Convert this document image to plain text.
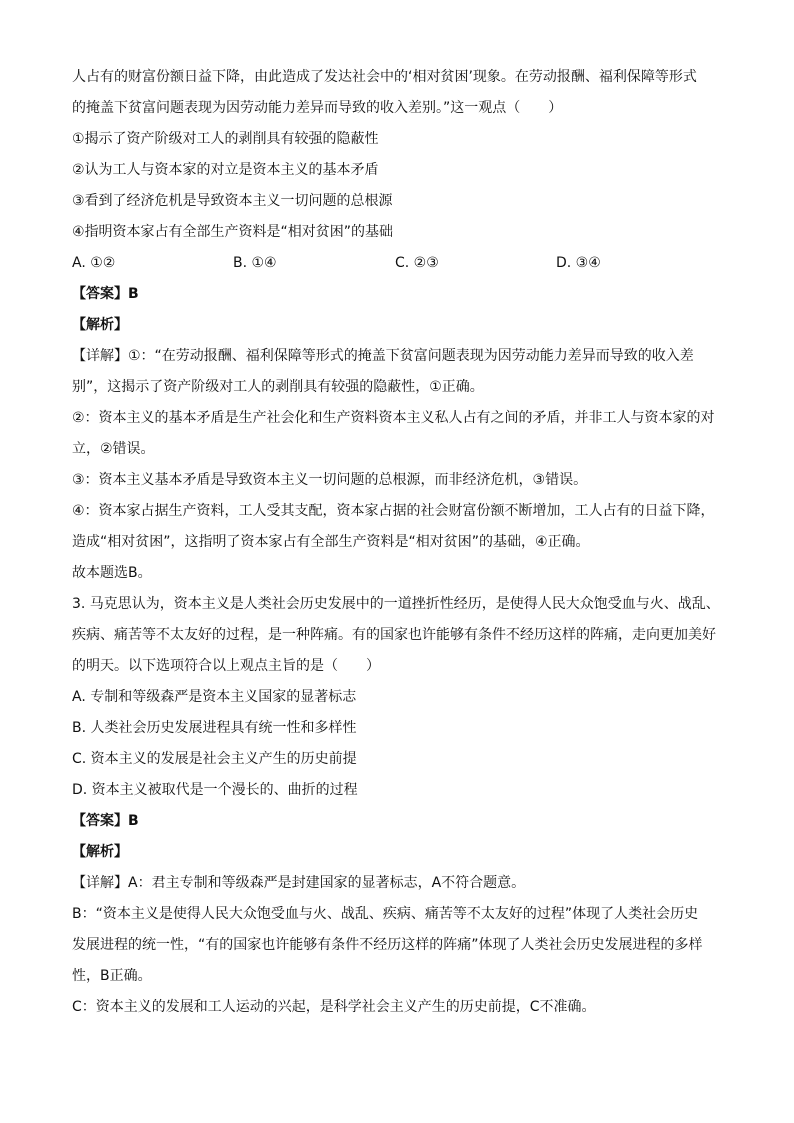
人占有的财富份额日益下降，由此造成了发达社会中的‘相对贫困’现象。在劳动报酬、福利保障等形式
的掩盖下贫富问题表现为因劳动能力差异而导致的收入差别。”这一观点（　　）
①揭示了资产阶级对工人的剥削具有较强的隐蔽性
②认为工人与资本家的对立是资本主义的基本矛盾
③看到了经济危机是导致资本主义一切问题的总根源
④指明资本家占有全部生产资料是“相对贫困”的基础
A. ①②	B. ①④	C. ②③	D. ③④
【答案】B
【解析】
【详解】①：“在劳动报酬、福利保障等形式的掩盖下贫富问题表现为因劳动能力差异而导致的收入差
别”，这揭示了资产阶级对工人的剥削具有较强的隐蔽性，①正确。
②：资本主义的基本矛盾是生产社会化和生产资料资本主义私人占有之间的矛盾，并非工人与资本家的对
立，②错误。
③：资本主义基本矛盾是导致资本主义一切问题的总根源，而非经济危机，③错误。
④：资本家占据生产资料，工人受其支配，资本家占据的社会财富份额不断增加，工人占有的日益下降，
造成“相对贫困”，这指明了资本家占有全部生产资料是“相对贫困”的基础，④正确。
故本题选B。
3. 马克思认为，资本主义是人类社会历史发展中的一道挫折性经历，是使得人民大众饱受血与火、战乱、
疾病、痛苦等不太友好的过程，是一种阵痛。有的国家也许能够有条件不经历这样的阵痛，走向更加美好
的明天。以下选项符合以上观点主旨的是（　　）
A. 专制和等级森严是资本主义国家的显著标志
B. 人类社会历史发展进程具有统一性和多样性
C. 资本主义的发展是社会主义产生的历史前提
D. 资本主义被取代是一个漫长的、曲折的过程
【答案】B
【解析】
【详解】A：君主专制和等级森严是封建国家的显著标志，A不符合题意。
B：“资本主义是使得人民大众饱受血与火、战乱、疾病、痛苦等不太友好的过程”体现了人类社会历史
发展进程的统一性，“有的国家也许能够有条件不经历这样的阵痛”体现了人类社会历史发展进程的多样
性，B正确。
C：资本主义的发展和工人运动的兴起，是科学社会主义产生的历史前提，C不准确。
